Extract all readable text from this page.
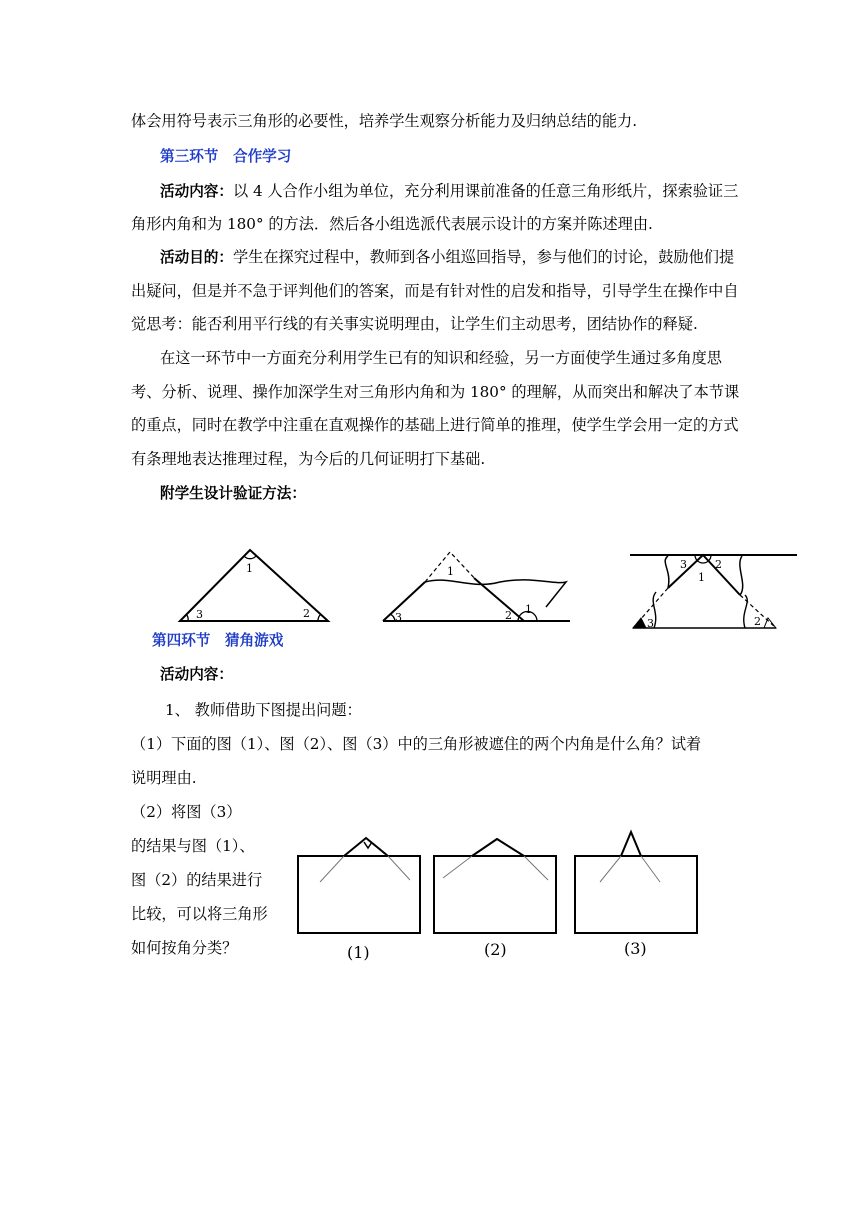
体会用符号表示三角形的必要性，培养学生观察分析能力及归纳总结的能力.
第三环节　合作学习
活动内容：以 4 人合作小组为单位，充分利用课前准备的任意三角形纸片，探索验证三
角形内角和为 180° 的方法．然后各小组选派代表展示设计的方案并陈述理由.
活动目的：学生在探究过程中，教师到各小组巡回指导，参与他们的讨论，鼓励他们提
出疑问，但是并不急于评判他们的答案，而是有针对性的启发和指导，引导学生在操作中自
觉思考：能否利用平行线的有关事实说明理由，让学生们主动思考，团结协作的释疑.
在这一环节中一方面充分利用学生已有的知识和经验，另一方面使学生通过多角度思
考、分析、说理、操作加深学生对三角形内角和为 180° 的理解，从而突出和解决了本节课
的重点，同时在教学中注重在直观操作的基础上进行简单的推理，使学生学会用一定的方式
有条理地表达推理过程，为今后的几何证明打下基础.
附学生设计验证方法：
1
3	2
1
3	2 1
3	2
1
3	2
第四环节　猜角游戏
活动内容：
1、 教师借助下图提出问题：
（1）下面的图（1）、图（2）、图（3）中的三角形被遮住的两个内角是什么角？试着
说明理由.
（2）将图（3）
的结果与图（1）、
图（2）的结果进行
比较，可以将三角形
如何按角分类？	(1)	(2)	(3)
